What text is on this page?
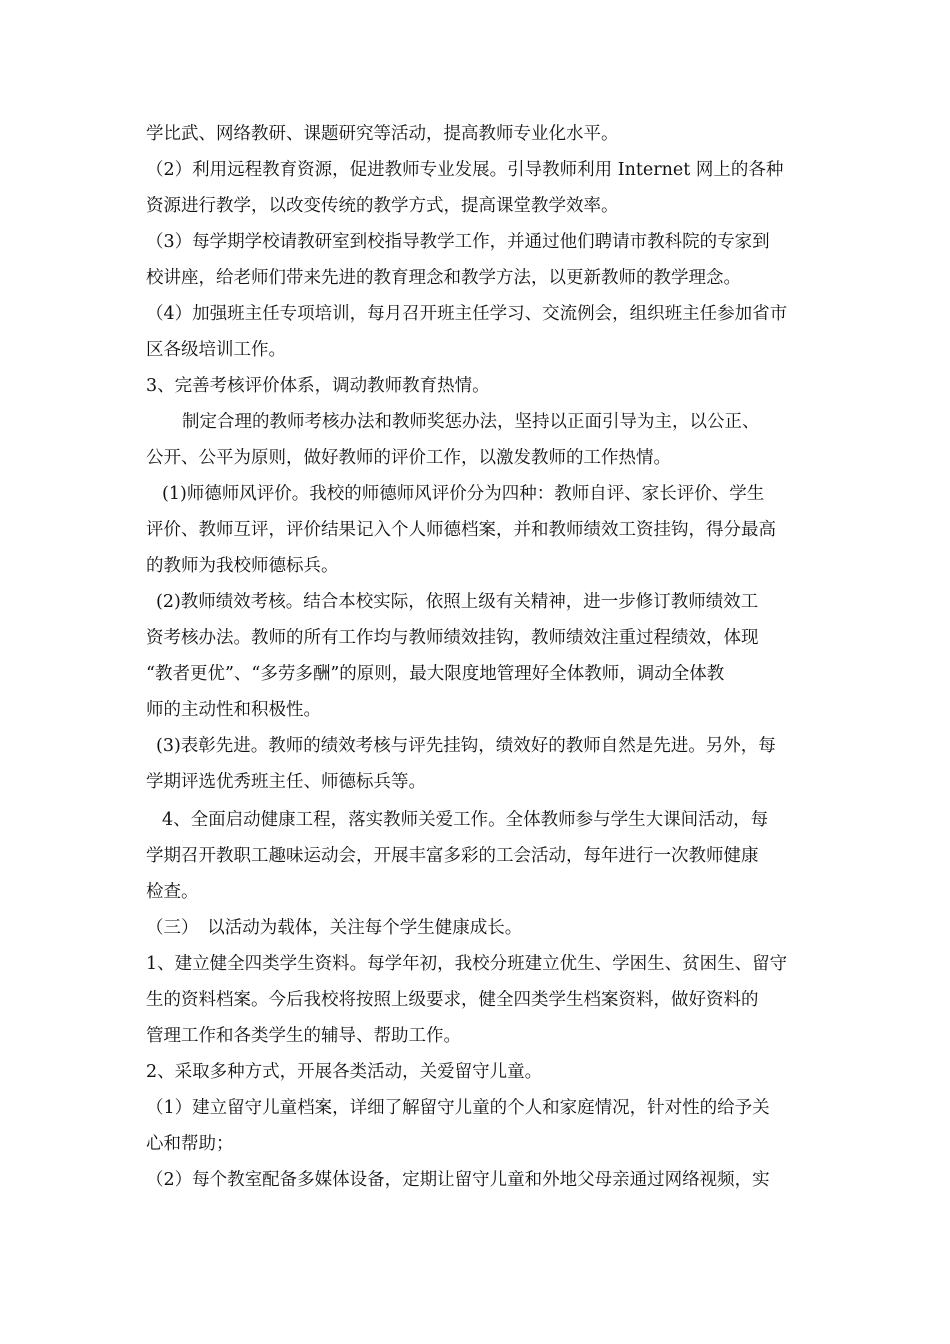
学比武、网络教研、课题研究等活动，提高教师专业化水平。
（2）利用远程教育资源，促进教师专业发展。引导教师利用 Internet 网上的各种
资源进行教学，以改变传统的教学方式，提高课堂教学效率。
（3）每学期学校请教研室到校指导教学工作，并通过他们聘请市教科院的专家到
校讲座，给老师们带来先进的教育理念和教学方法，以更新教师的教学理念。
（4）加强班主任专项培训，每月召开班主任学习、交流例会，组织班主任参加省市
区各级培训工作。
3、完善考核评价体系，调动教师教育热情。
制定合理的教师考核办法和教师奖惩办法，坚持以正面引导为主，以公正、
公开、公平为原则，做好教师的评价工作，以激发教师的工作热情。
(1)师德师风评价。我校的师德师风评价分为四种：教师自评、家长评价、学生
评价、教师互评，评价结果记入个人师德档案，并和教师绩效工资挂钩，得分最高
的教师为我校师德标兵。
(2)教师绩效考核。结合本校实际，依照上级有关精神，进一步修订教师绩效工
资考核办法。教师的所有工作均与教师绩效挂钩，教师绩效注重过程绩效，体现
“教者更优”、“多劳多酬”的原则，最大限度地管理好全体教师，调动全体教
师的主动性和积极性。
(3)表彰先进。教师的绩效考核与评先挂钩，绩效好的教师自然是先进。另外，每
学期评选优秀班主任、师德标兵等。
4、全面启动健康工程，落实教师关爱工作。全体教师参与学生大课间活动，每
学期召开教职工趣味运动会，开展丰富多彩的工会活动，每年进行一次教师健康
检查。
（三）　以活动为载体，关注每个学生健康成长。
1、建立健全四类学生资料。每学年初，我校分班建立优生、学困生、贫困生、留守
生的资料档案。今后我校将按照上级要求，健全四类学生档案资料，做好资料的
管理工作和各类学生的辅导、帮助工作。
2、采取多种方式，开展各类活动，关爱留守儿童。
（1）建立留守儿童档案，详细了解留守儿童的个人和家庭情况，针对性的给予关
心和帮助；
（2）每个教室配备多媒体设备，定期让留守儿童和外地父母亲通过网络视频，实
